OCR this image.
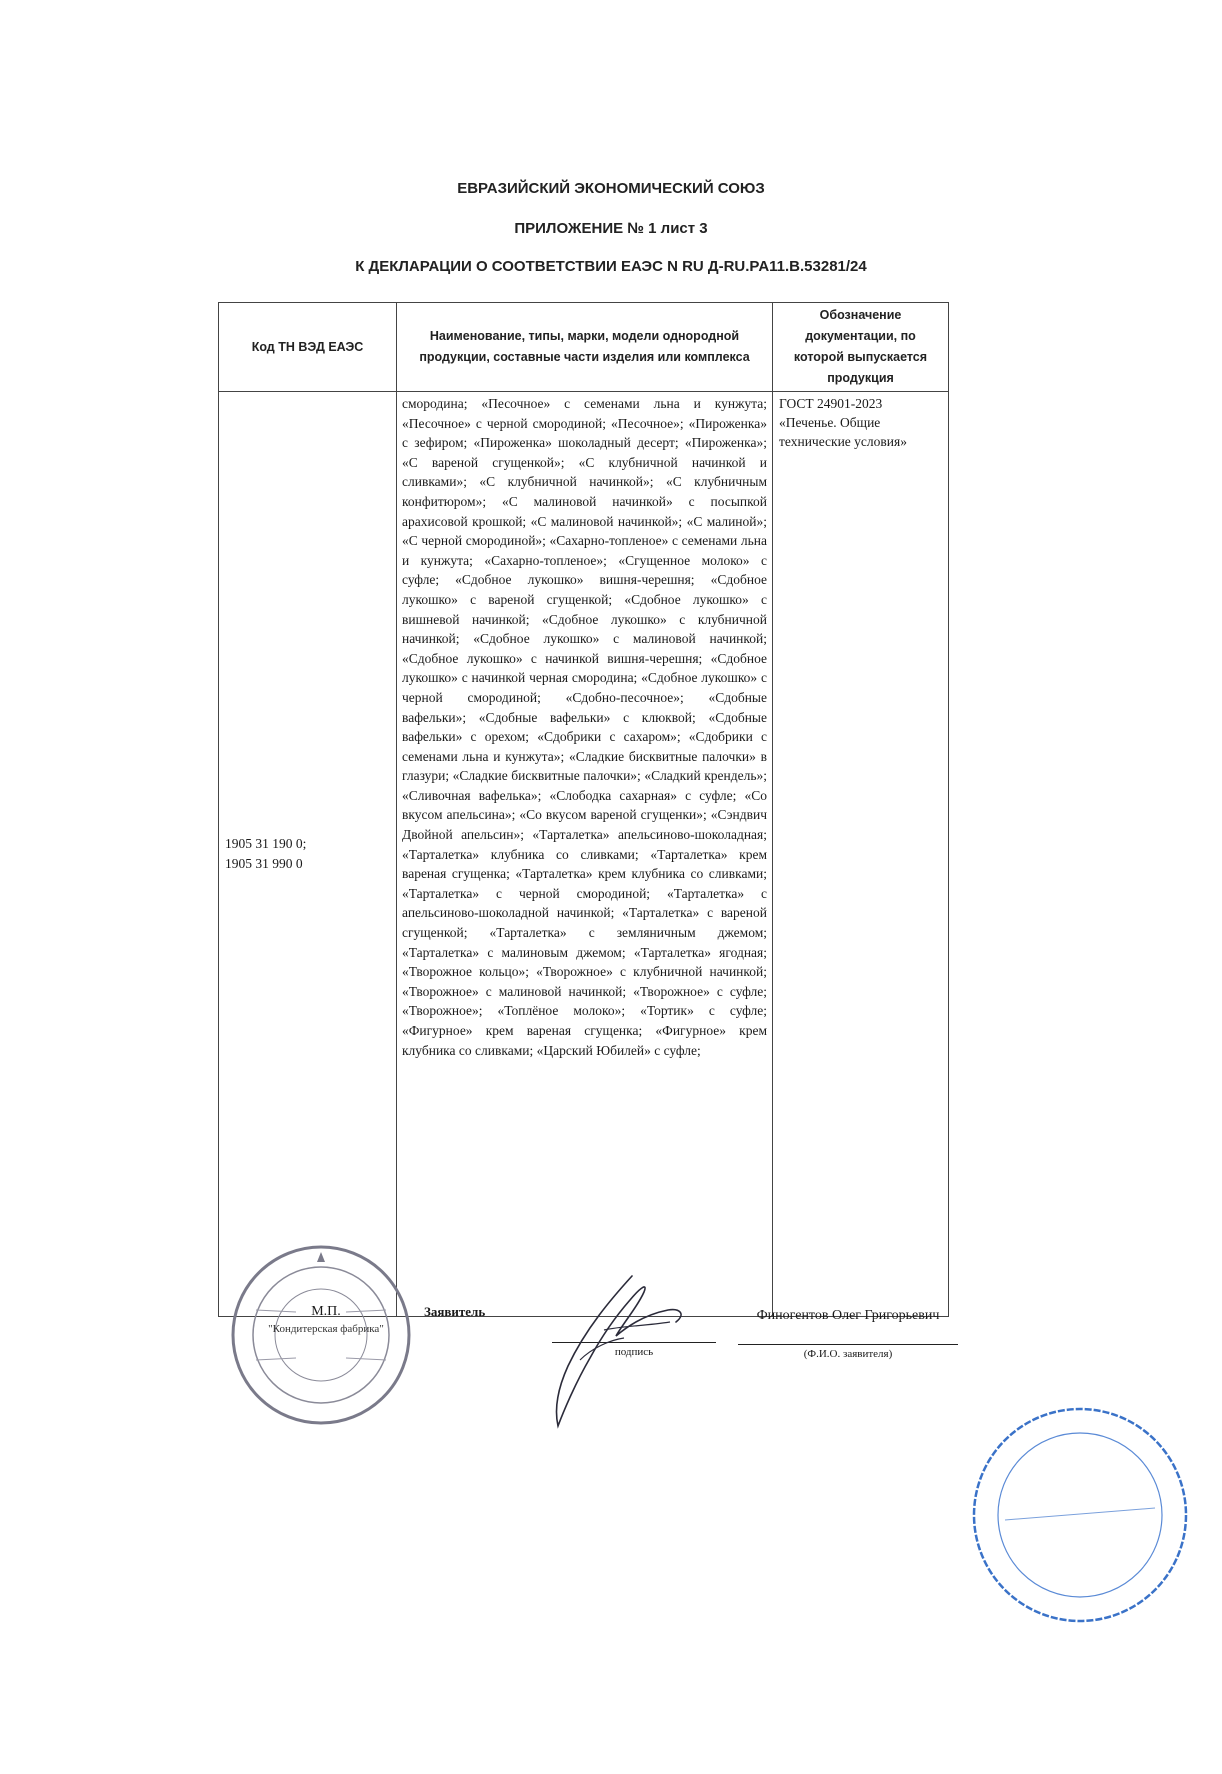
ЕВРАЗИЙСКИЙ ЭКОНОМИЧЕСКИЙ СОЮЗ
ПРИЛОЖЕНИЕ № 1 лист 3
К ДЕКЛАРАЦИИ О СООТВЕТСТВИИ ЕАЭС N RU Д-RU.PA11.B.53281/24
Код ТН ВЭД ЕАЭС	Наименование, типы, марки, модели однородной продукции, составные части изделия или комплекса	Обозначение документации, по которой выпускается продукция

1905 31 190 0;
1905 31 990 0	смородина; «Песочное» с семенами льна и кунжута; «Песочное» с черной смородиной; «Песочное»; «Пироженка» с зефиром; «Пироженка» шоколадный десерт; «Пироженка»; «С вареной сгущенкой»; «С клубничной начинкой и сливками»; «С клубничной начинкой»; «С клубничным конфитюром»; «С малиновой начинкой» с посыпкой арахисовой крошкой; «С малиновой начинкой»; «С малиной»; «С черной смородиной»; «Сахарно-топленое» с семенами льна и кунжута; «Сахарно-топленое»; «Сгущенное молоко» с суфле; «Сдобное лукошко» вишня-черешня; «Сдобное лукошко» с вареной сгущенкой; «Сдобное лукошко» с вишневой начинкой; «Сдобное лукошко» с клубничной начинкой; «Сдобное лукошко» с малиновой начинкой; «Сдобное лукошко» с начинкой вишня-черешня; «Сдобное лукошко» с начинкой черная смородина; «Сдобное лукошко» с черной смородиной; «Сдобно-песочное»; «Сдобные вафельки»; «Сдобные вафельки» с клюквой; «Сдобные вафельки» с орехом; «Сдобрики с сахаром»; «Сдобрики с семенами льна и кунжута»; «Сладкие бисквитные палочки» в глазури; «Сладкие бисквитные палочки»; «Сладкий крендель»; «Сливочная вафелька»; «Слободка сахарная» с суфле; «Со вкусом апельсина»; «Со вкусом вареной сгущенки»; «Сэндвич Двойной апельсин»; «Тарталетка» апельсиново-шоколадная; «Тарталетка» клубника со сливками; «Тарталетка» крем вареная сгущенка; «Тарталетка» крем клубника со сливками; «Тарталетка» с черной смородиной; «Тарталетка» с апельсиново-шоколадной начинкой; «Тарталетка» с вареной сгущенкой; «Тарталетка» с земляничным джемом; «Тарталетка» с малиновым джемом; «Тарталетка» ягодная; «Творожное кольцо»; «Творожное» с клубничной начинкой; «Творожное» с малиновой начинкой; «Творожное» с суфле; «Творожное»; «Топлёное молоко»; «Тортик» с суфле; «Фигурное» крем вареная сгущенка; «Фигурное» крем клубника со сливками; «Царский Юбилей» с суфле;	ГОСТ 24901-2023 «Печенье. Общие технические условия»
М.П.
"Кондитерская фабрика"
Заявитель
подпись
Финогентов Олег Григорьевич
(Ф.И.О. заявителя)
